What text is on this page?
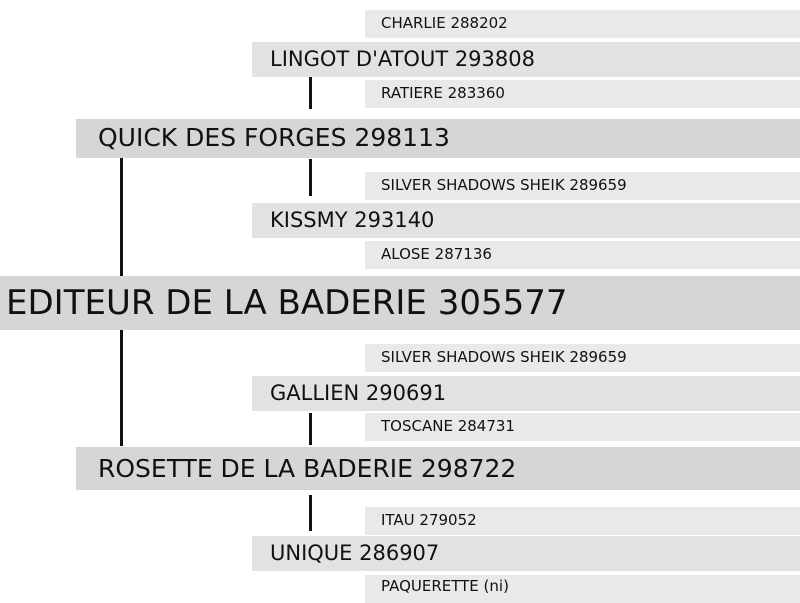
CHARLIE 288202
RATIERE 283360
SILVER SHADOWS SHEIK 289659
ALOSE 287136
SILVER SHADOWS SHEIK 289659
TOSCANE 284731
ITAU 279052
PAQUERETTE (ni)
LINGOT D'ATOUT 293808
KISSMY 293140
GALLIEN 290691
UNIQUE 286907
QUICK DES FORGES 298113
ROSETTE DE LA BADERIE 298722
EDITEUR DE LA BADERIE 305577
